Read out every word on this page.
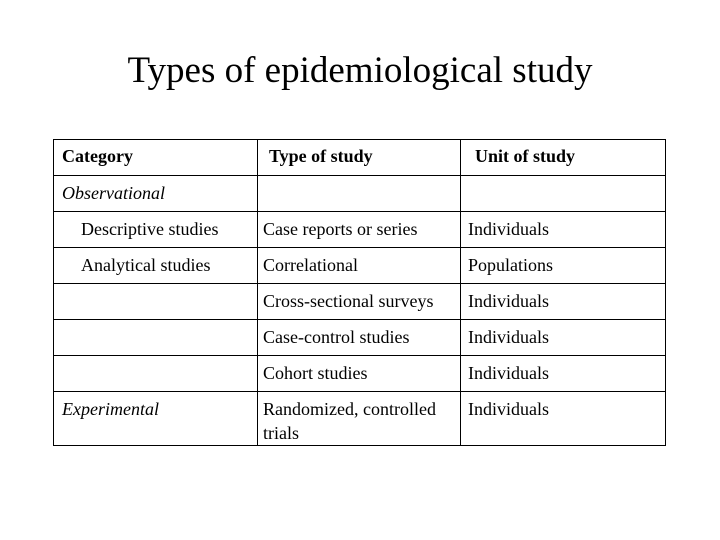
Types of epidemiological study
Category	Type of study	Unit of study
Observational		
Descriptive studies	Case reports or series	Individuals
Analytical studies	Correlational	Populations
	Cross-sectional surveys	Individuals
	Case-control studies	Individuals
	Cohort studies	Individuals
Experimental	Randomized, controlled trials	Individuals
